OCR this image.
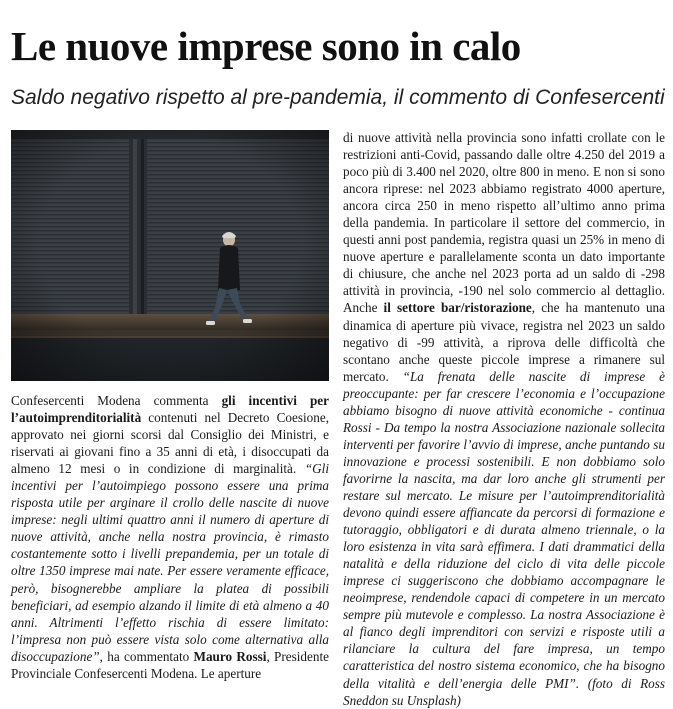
Le nuove imprese sono in calo
Saldo negativo rispetto al pre-pandemia, il commento di Confesercenti
Confesercenti Modena commenta gli incentivi per l’autoimprenditorialità contenuti nel Decreto Coesione, approvato nei giorni scorsi dal Consiglio dei Ministri, e riservati ai giovani fino a 35 anni di età, i disoccupati da almeno 12 mesi o in condizione di marginalità. “Gli incentivi per l’autoimpiego possono essere una prima risposta utile per arginare il crollo delle nascite di nuove imprese: negli ultimi quattro anni il numero di aperture di nuove attività, anche nella nostra provincia, è rimasto costantemente sotto i livelli prepandemia, per un totale di oltre 1350 imprese mai nate. Per essere veramente efficace, però, bisognerebbe ampliare la platea di possibili beneficiari, ad esempio alzando il limite di età almeno a 40 anni. Altrimenti l’effetto rischia di essere limitato: l’impresa non può essere vista solo come alternativa alla disoccupazione”, ha commentato Mauro Rossi, Presidente Provinciale Confesercenti Modena. Le aperture
di nuove attività nella provincia sono infatti crollate con le restrizioni anti-Covid, passando dalle oltre 4.250 del 2019 a poco più di 3.400 nel 2020, oltre 800 in meno. E non si sono ancora riprese: nel 2023 abbiamo registrato 4000 aperture, ancora circa 250 in meno rispetto all’ultimo anno prima della pandemia. In particolare il settore del commercio, in questi anni post pandemia, registra quasi un 25% in meno di nuove aperture e parallelamente sconta un dato importante di chiusure, che anche nel 2023 porta ad un saldo di -298 attività in provincia, -190 nel solo commercio al dettaglio. Anche il settore bar/ristorazione, che ha mantenuto una dinamica di aperture più vivace, registra nel 2023 un saldo negativo di -99 attività, a riprova delle difficoltà che scontano anche queste piccole imprese a rimanere sul mercato. “La frenata delle nascite di imprese è preoccupante: per far crescere l’economia e l’occupazione abbiamo bisogno di nuove attività economiche - continua Rossi - Da tempo la nostra Associazione nazionale sollecita interventi per favorire l’avvio di imprese, anche puntando su innovazione e processi sostenibili. E non dobbiamo solo favorirne la nascita, ma dar loro anche gli strumenti per restare sul mercato. Le misure per l’autoimprenditorialità devono quindi essere affiancate da percorsi di formazione e tutoraggio, obbligatori e di durata almeno triennale, o la loro esistenza in vita sarà effimera. I dati drammatici della natalità e della riduzione del ciclo di vita delle piccole imprese ci suggeriscono che dobbiamo accompagnare le neoimprese, rendendole capaci di competere in un mercato sempre più mutevole e complesso. La nostra Associazione è al fianco degli imprenditori con servizi e risposte utili a rilanciare la cultura del fare impresa, un tempo caratteristica del nostro sistema economico, che ha bisogno della vitalità e dell’energia delle PMI”. (foto di Ross Sneddon su Unsplash)
